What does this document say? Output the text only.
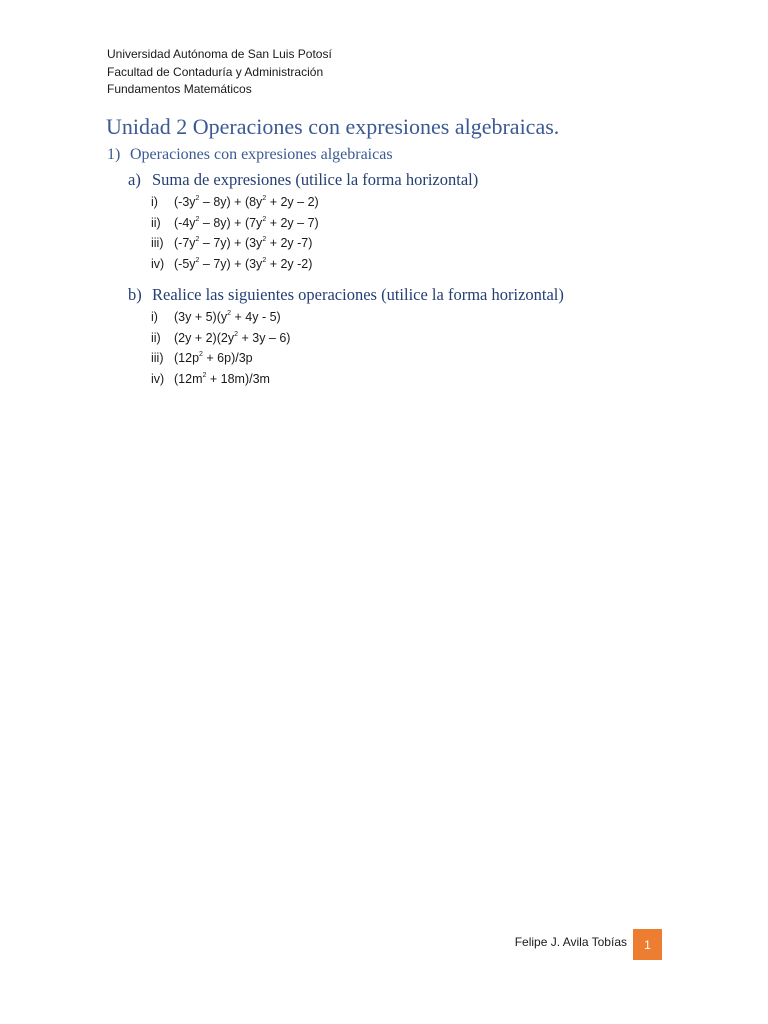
Universidad Autónoma de San Luis Potosí
Facultad de Contaduría y Administración
Fundamentos Matemáticos
Unidad 2 Operaciones con expresiones algebraicas.
1) Operaciones con expresiones algebraicas
a) Suma de expresiones (utilice la forma horizontal)
i) $(-3y^2 - 8y) + (8y^2 + 2y - 2)$
ii) $(-4y^2 - 8y) + (7y^2 + 2y - 7)$
iii) $(-7y^2 - 7y) + (3y^2 + 2y$ -7)
iv) $(-5y^2 - 7y) + (3y^2 + 2y$ -2)
b) Realice las siguientes operaciones (utilice la forma horizontal)
i) $(3y + 5)(y^2 + 4y - 5)$
ii) $(2y + 2)(2y^2 + 3y - 6)$
iii) $(12p^2 + 6p)/3p$
iv) $(12m^2 + 18m)/3m$
Felipe J. Avila Tobías 1
